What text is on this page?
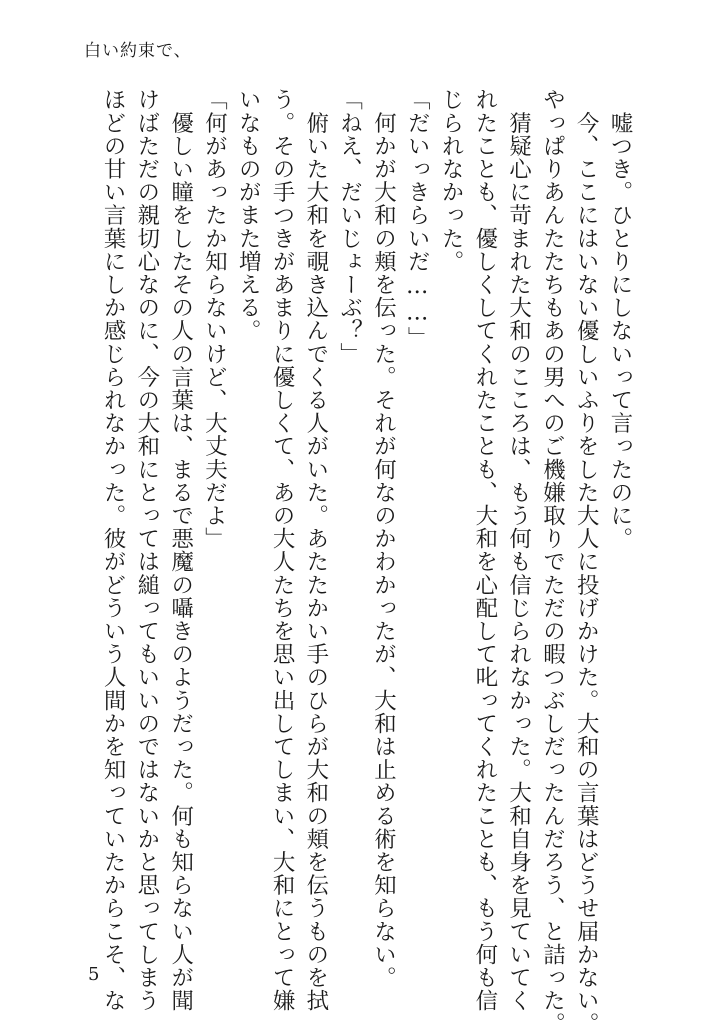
白い約束で、

　嘘つき。ひとりにしないって言ったのに。

　今、ここにはいない優しいふりをした大人に投げかけた。大和の言葉はどうせ届かない。

やっぱりあんたたちもあの男へのご機嫌取りでただの暇つぶしだったんだろう、と詰った。

　猜疑心に苛まれた大和のこころは、もう何も信じられなかった。大和自身を見ていてく

れたことも、優しくしてくれたことも、大和を心配して叱ってくれたことも、もう何も信

じられなかった。

「だいっきらいだ……」

　何かが大和の頬を伝った。それが何なのかわかったが、大和は止める術を知らない。

「ねえ、だいじょーぶ？」

　俯いた大和を覗き込んでくる人がいた。あたたかい手のひらが大和の頬を伝うものを拭

う。その手つきがあまりに優しくて、あの大人たちを思い出してしまい、大和にとって嫌

いなものがまた増える。

「何があったか知らないけど、大丈夫だよ」

　優しい瞳をしたその人の言葉は、まるで悪魔の囁きのようだった。何も知らない人が聞

けばただの親切心なのに、今の大和にとっては縋ってもいいのではないかと思ってしまう

ほどの甘い言葉にしか感じられなかった。彼がどういう人間かを知っていたからこそ、な

5
